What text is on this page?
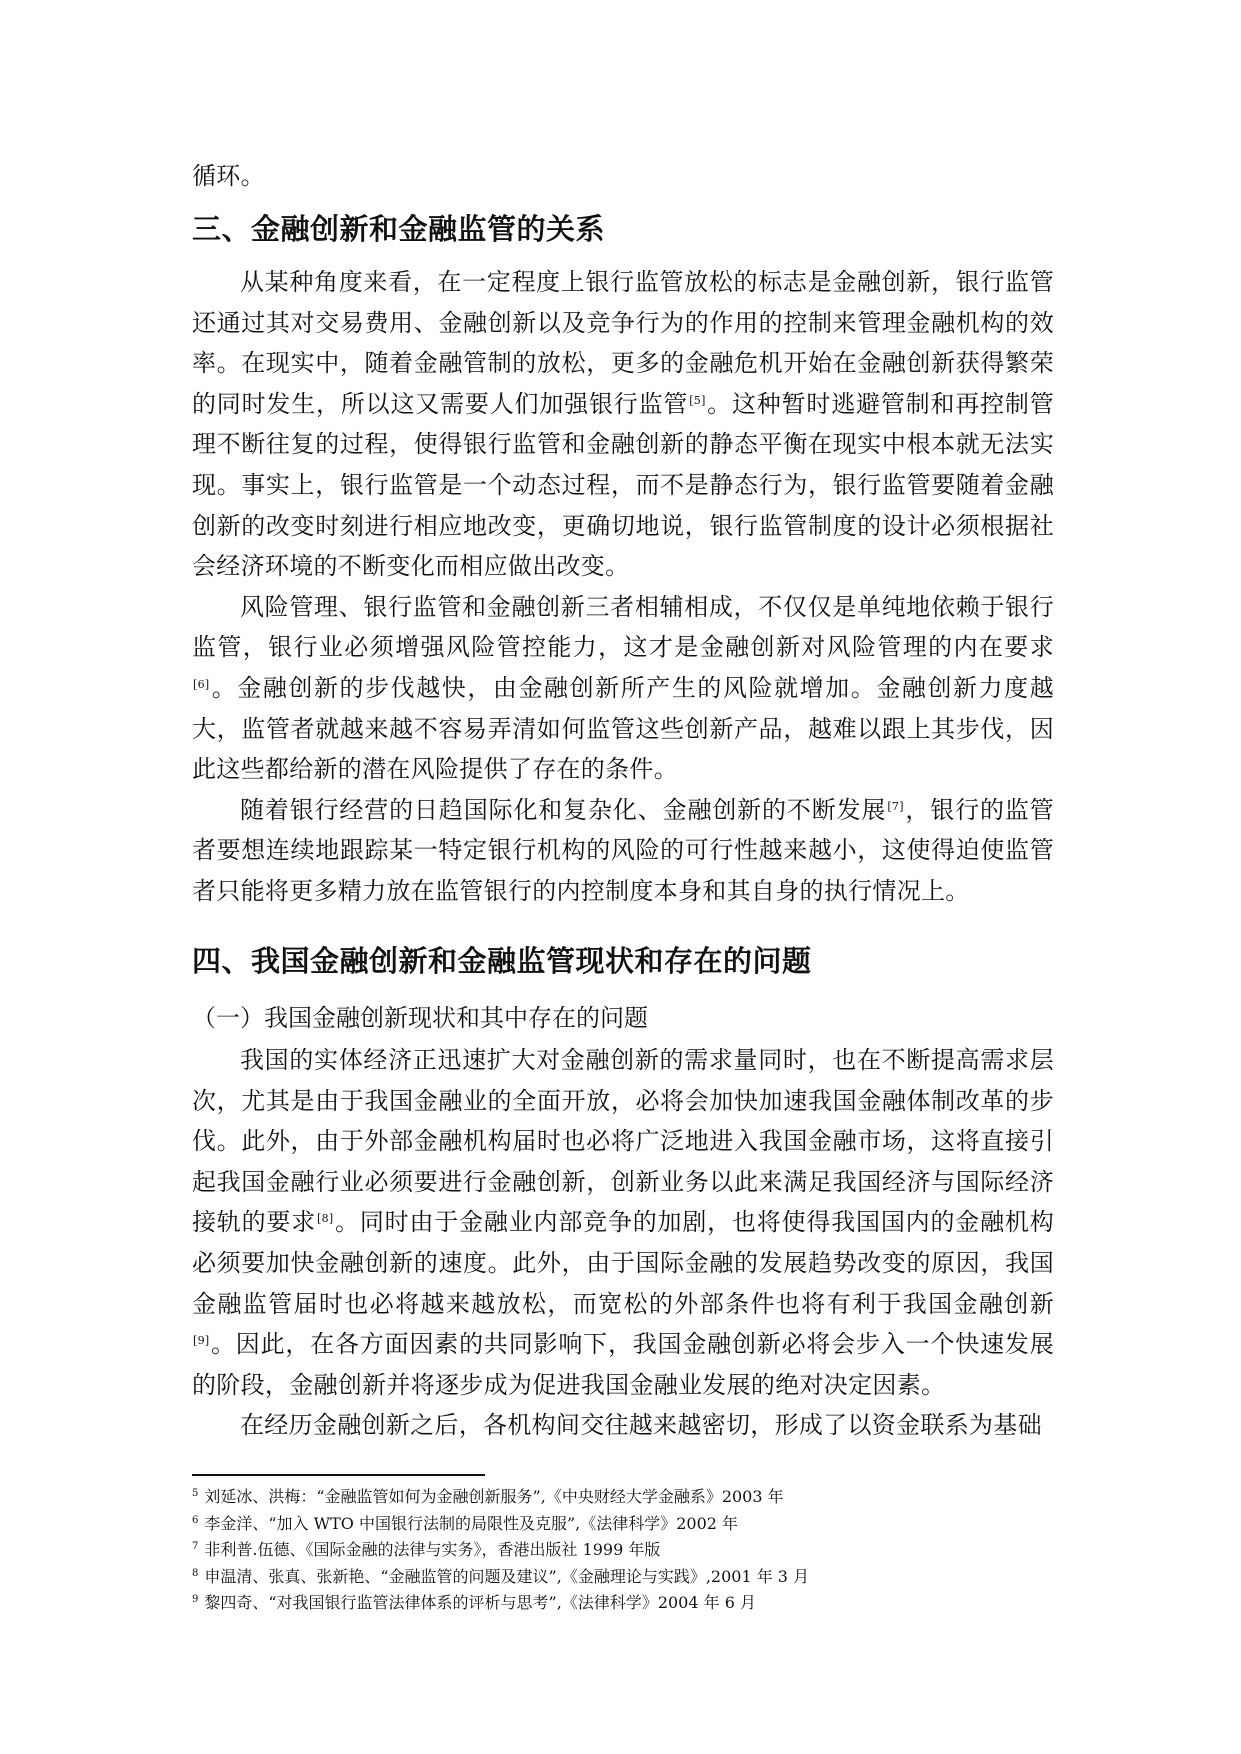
循环。

三、金融创新和金融监管的关系

从某种角度来看，在一定程度上银行监管放松的标志是金融创新，银行监管还通过其对交易费用、金融创新以及竞争行为的作用的控制来管理金融机构的效率。在现实中，随着金融管制的放松，更多的金融危机开始在金融创新获得繁荣的同时发生，所以这又需要人们加强银行监管[5]。这种暂时逃避管制和再控制管理不断往复的过程，使得银行监管和金融创新的静态平衡在现实中根本就无法实现。事实上，银行监管是一个动态过程，而不是静态行为，银行监管要随着金融创新的改变时刻进行相应地改变，更确切地说，银行监管制度的设计必须根据社会经济环境的不断变化而相应做出改变。

风险管理、银行监管和金融创新三者相辅相成，不仅仅是单纯地依赖于银行监管，银行业必须增强风险管控能力，这才是金融创新对风险管理的内在要求[6]。金融创新的步伐越快，由金融创新所产生的风险就增加。金融创新力度越大，监管者就越来越不容易弄清如何监管这些创新产品，越难以跟上其步伐，因此这些都给新的潜在风险提供了存在的条件。

随着银行经营的日趋国际化和复杂化、金融创新的不断发展[7]，银行的监管者要想连续地跟踪某一特定银行机构的风险的可行性越来越小，这使得迫使监管者只能将更多精力放在监管银行的内控制度本身和其自身的执行情况上。

四、我国金融创新和金融监管现状和存在的问题

（一）我国金融创新现状和其中存在的问题

我国的实体经济正迅速扩大对金融创新的需求量同时，也在不断提高需求层次，尤其是由于我国金融业的全面开放，必将会加快加速我国金融体制改革的步伐。此外，由于外部金融机构届时也必将广泛地进入我国金融市场，这将直接引起我国金融行业必须要进行金融创新，创新业务以此来满足我国经济与国际经济接轨的要求[8]。同时由于金融业内部竞争的加剧，也将使得我国国内的金融机构必须要加快金融创新的速度。此外，由于国际金融的发展趋势改变的原因，我国金融监管届时也必将越来越放松，而宽松的外部条件也将有利于我国金融创新[9]。因此，在各方面因素的共同影响下，我国金融创新必将会步入一个快速发展的阶段，金融创新并将逐步成为促进我国金融业发展的绝对决定因素。

在经历金融创新之后，各机构间交往越来越密切，形成了以资金联系为基础

$^5$ 刘延冰、洪梅：“金融监管如何为金融创新服务”,《中央财经大学金融系》2003 年

$^6$ 李金洋、“加入 WTO 中国银行法制的局限性及克服”,《法律科学》2002 年

$^7$ 非利普.伍德、《国际金融的法律与实务》，香港出版社 1999 年版

$^8$ 申温清、张真、张新艳、“金融监管的问题及建议”,《金融理论与实践》,2001 年 3 月

$^9$ 黎四奇、“对我国银行监管法律体系的评析与思考”,《法律科学》2004 年 6 月
